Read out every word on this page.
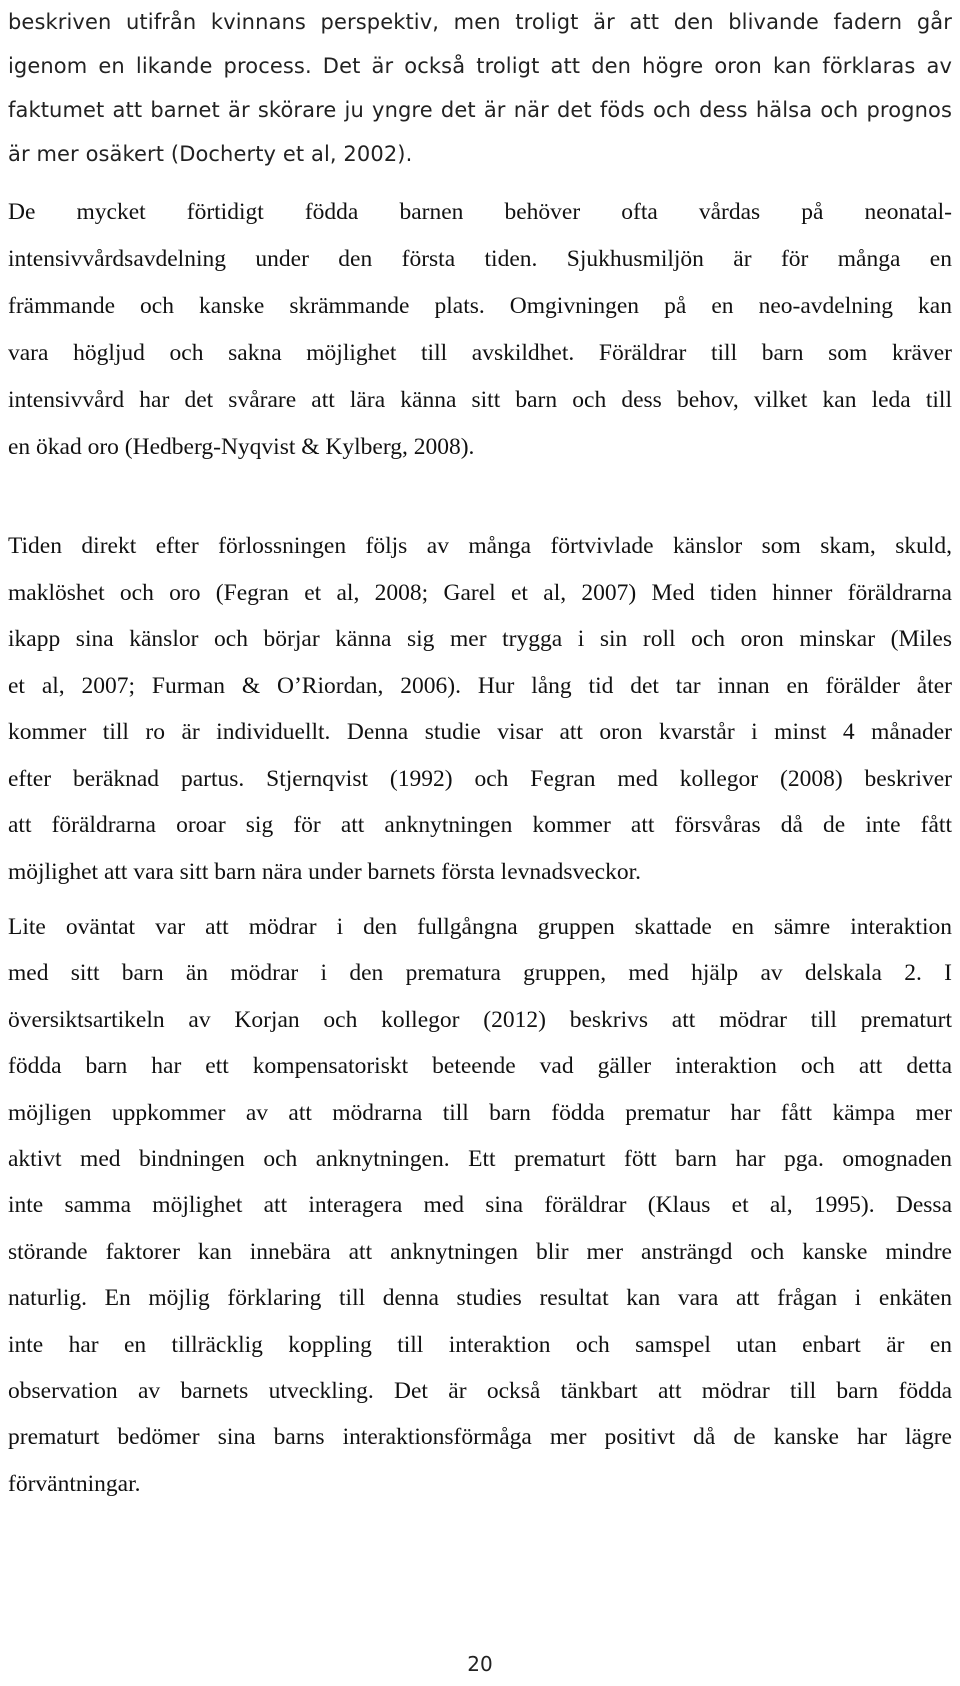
beskriven utifrån kvinnans perspektiv, men troligt är att den blivande fadern går
igenom en likande process. Det är också troligt att den högre oron kan förklaras av
faktumet att barnet är skörare ju yngre det är när det föds och dess hälsa och prognos
är mer osäkert (Docherty et al, 2002).

De mycket förtidigt födda barnen behöver ofta vårdas på neonatal-
intensivvårdsavdelning under den första tiden. Sjukhusmiljön är för många en
främmande och kanske skrämmande plats. Omgivningen på en neo-avdelning kan
vara högljud och sakna möjlighet till avskildhet. Föräldrar till barn som kräver
intensivvård har det svårare att lära känna sitt barn och dess behov, vilket kan leda till
en ökad oro (Hedberg-Nyqvist & Kylberg, 2008).

Tiden direkt efter förlossningen följs av många förtvivlade känslor som skam, skuld,
maklöshet och oro (Fegran et al, 2008; Garel et al, 2007) Med tiden hinner föräldrarna
ikapp sina känslor och börjar känna sig mer trygga i sin roll och oron minskar (Miles
et al, 2007; Furman & O’Riordan, 2006). Hur lång tid det tar innan en förälder åter
kommer till ro är individuellt. Denna studie visar att oron kvarstår i minst 4 månader
efter beräknad partus. Stjernqvist (1992) och Fegran med kollegor (2008) beskriver
att föräldrarna oroar sig för att anknytningen kommer att försvåras då de inte fått
möjlighet att vara sitt barn nära under barnets första levnadsveckor.

Lite oväntat var att mödrar i den fullgångna gruppen skattade en sämre interaktion
med sitt barn än mödrar i den prematura gruppen, med hjälp av delskala 2. I
översiktsartikeln av Korjan och kollegor (2012) beskrivs att mödrar till prematurt
födda barn har ett kompensatoriskt beteende vad gäller interaktion och att detta
möjligen uppkommer av att mödrarna till barn födda prematur har fått kämpa mer
aktivt med bindningen och anknytningen. Ett prematurt fött barn har pga. omognaden
inte samma möjlighet att interagera med sina föräldrar (Klaus et al, 1995). Dessa
störande faktorer kan innebära att anknytningen blir mer ansträngd och kanske mindre
naturlig. En möjlig förklaring till denna studies resultat kan vara att frågan i enkäten
inte har en tillräcklig koppling till interaktion och samspel utan enbart är en
observation av barnets utveckling. Det är också tänkbart att mödrar till barn födda
prematurt bedömer sina barns interaktionsförmåga mer positivt då de kanske har lägre
förväntningar.

20
